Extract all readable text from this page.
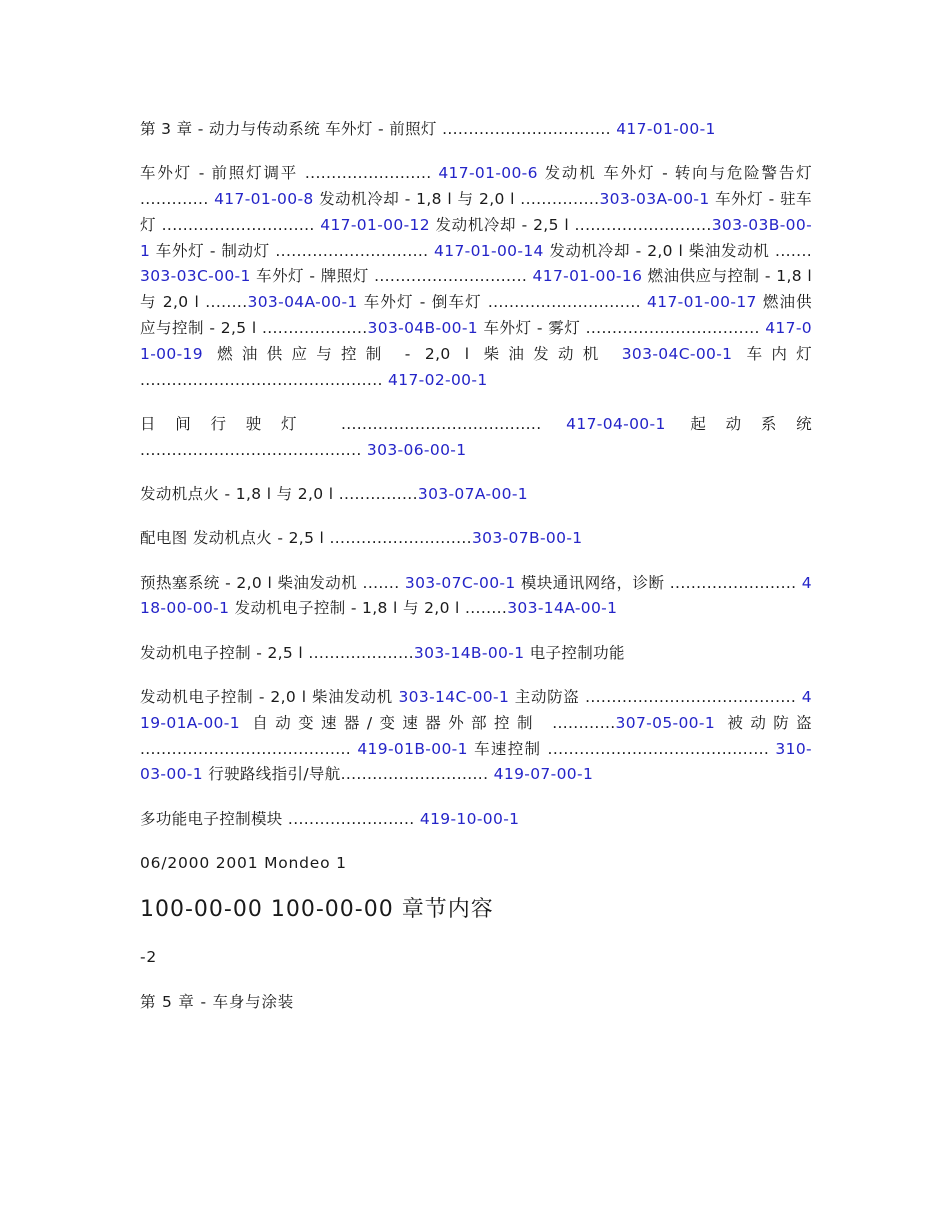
第 3 章 - 动力与传动系统 车外灯 - 前照灯 ................................ 417-01-00-1
车外灯 - 前照灯调平 ........................ 417-01-00-6 发动机 车外灯 - 转向与危险警告灯 ............. 417-01-00-8 发动机冷却 - 1,8 l 与 2,0 l ...............303-03A-00-1 车外灯 - 驻车灯 ............................. 417-01-00-12 发动机冷却 - 2,5 l ..........................303-03B-00-1 车外灯 - 制动灯 ............................. 417-01-00-14 发动机冷却 - 2,0 l 柴油发动机 ....... 303-03C-00-1 车外灯 - 牌照灯 ............................. 417-01-00-16 燃油供应与控制 - 1,8 l 与 2,0 l ........303-04A-00-1 车外灯 - 倒车灯 ............................. 417-01-00-17 燃油供应与控制 - 2,5 l ....................303-04B-00-1 车外灯 - 雾灯 ................................. 417-01-00-19 燃油供应与控制 - 2,0 l 柴油发动机 303-04C-00-1 车内灯 .............................................. 417-02-00-1
日间行驶灯 ...................................... 417-04-00-1 起动系统 .......................................... 303-06-00-1
发动机点火 - 1,8 l 与 2,0 l ...............303-07A-00-1
配电图 发动机点火 - 2,5 l ...........................303-07B-00-1
预热塞系统 - 2,0 l 柴油发动机 ....... 303-07C-00-1 模块通讯网络，诊断 ........................ 418-00-00-1 发动机电子控制 - 1,8 l 与 2,0 l ........303-14A-00-1
发动机电子控制 - 2,5 l ....................303-14B-00-1 电子控制功能
发动机电子控制 - 2,0 l 柴油发动机 303-14C-00-1 主动防盗 ........................................ 419-01A-00-1 自动变速器/变速器外部控制 ............307-05-00-1 被动防盗 ........................................ 419-01B-00-1 车速控制 .......................................... 310-03-00-1 行驶路线指引/导航............................ 419-07-00-1
多功能电子控制模块 ........................ 419-10-00-1
06/2000 2001 Mondeo 1
100-00-00 100-00-00 章节内容
-2
第 5 章 - 车身与涂装
